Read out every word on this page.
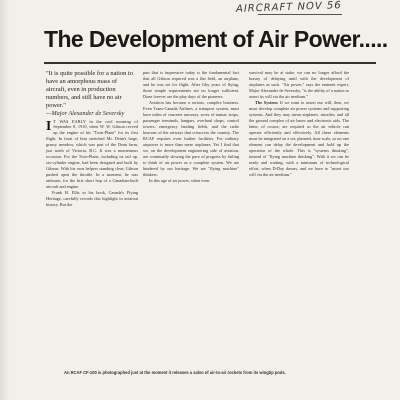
AIRCRAFT NOV 56
The Development of Air Power.....

"It is quite possible for a nation to have an amorphous mass of aircraft, even in production numbers, and still have no air power."

—Major Alexander de Seversky

I T WAS EARLY in the cool morning of September 8, 1910, when W. W. Gibson revved up the engine of his "Twin-Plane" for its first flight. In front of him stretched Mr. Dean's large, grassy meadow, which was part of the Dean farm, just north of Victoria, B.C. It was a momentous occasion. For the Twin-Plane, including its tail up, six-cylinder engine, had been designed and built by Gibson. With his own helpers standing clear, Gibson pushed open the throttle. In a moment, he was airborne, for the first short hop of a Canadian-built aircraft and engine.

Frank H. Ellis in his book, Canada's Flying Heritage, carefully records this highlight in aviation history. But the

part that is impressive today is the fundamental fact that all Gibson required was a flat field, an airplane, and he was set for flight. After fifty years of flying, those simple requirements are no longer sufficient. Done forever are the play days of the pioneers.

Aviation has become a serious, complex business. Even Trans-Canada Airlines, a transport system, must have miles of concrete runways, acres of tarmac strips, passenger terminals, hangars, overhaul shops, control towers, emergency landing fields, and the radio beacons of the airways that crisscross the country. The RCAF requires even further facilities. For military airpower is more than mere airplanes. Yet I find that we, on the development engineering side of aviation, are continually slowing the pace of progress by failing to think of air power as a complete system. We are hindered by our heritage. We are "flying machine" thinkers.

In this age of air power, when even

survival may be at stake, we can no longer afford the luxury of delaying until with the development of airplanes as such. "Air power," says the eminent expert, Major Alexander de Seversky, "is the ability of a nation to assert its will via the air medium."

The System: If we want to assert our will, then, we must develop complete air power systems and supporting systems. And they may mean airplanes, missiles, and all the ground complex of air bases and electronic aids. The latter, of course, are required so the air vehicle can operate efficiently and effectively. All these elements must be integrated on a set, planned, time scale, so no one element can delay the development and hold up the operation of the whole. This is "systems thinking", instead of "flying machine thinking". With it we can be ready and waiting, with a minimum of technological effort, when D-Day dawns, and we have to "assert our will via the air medium."

An RCAF CF-100 is photographed just at the moment it releases a salvo of air-to-air rockets from its wingtip pods.
